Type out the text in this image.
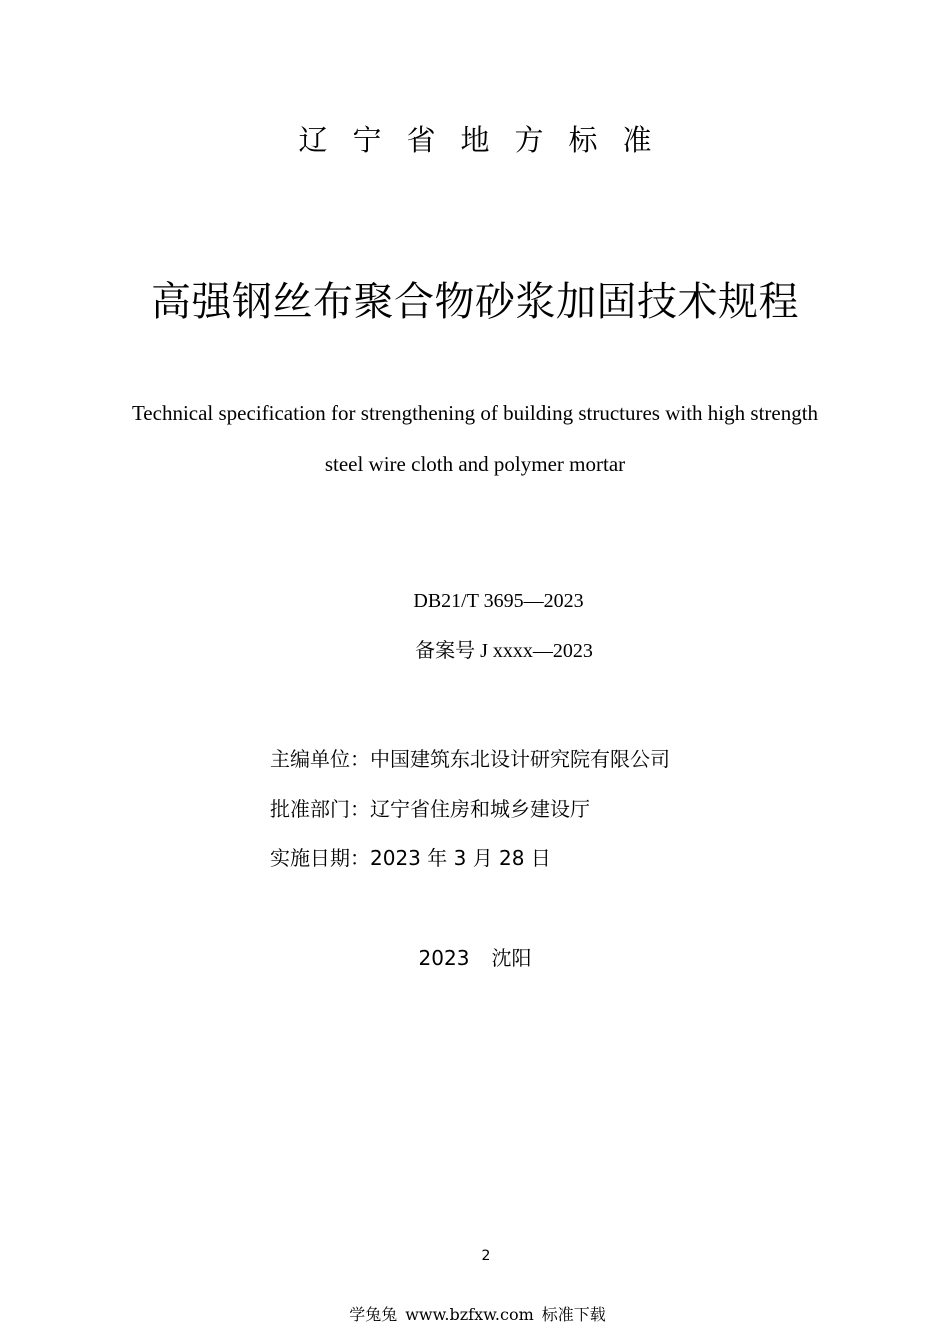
辽宁省地方标准
高强钢丝布聚合物砂浆加固技术规程
Technical specification for strengthening of building structures with high strength
steel wire cloth and polymer mortar
DB21/T 3695—2023
备案号 J xxxx—2023
主编单位：中国建筑东北设计研究院有限公司
批准部门：辽宁省住房和城乡建设厅
实施日期：2023 年 3 月 28 日
2023 沈阳
2
学兔兔 www.bzfxw.com 标准下载
